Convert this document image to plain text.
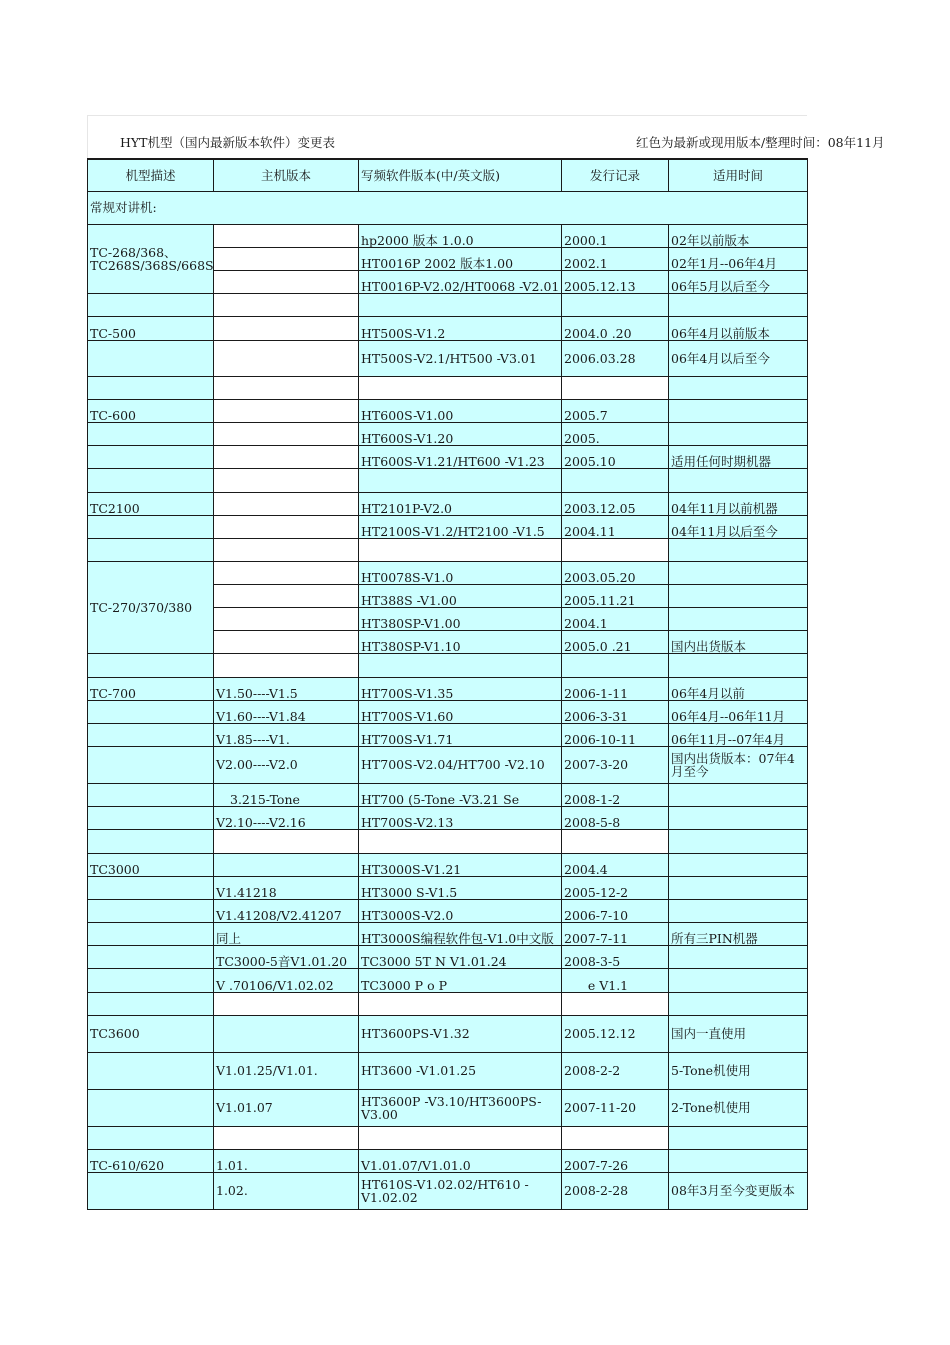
HYT机型（国内最新版本软件）变更表	红色为最新或现用版本/整理时间：08年11月
机型描述	主机版本	写频软件版本(中/英文版)	发行记录	适用时间
常规对讲机:				
TC-268/368、TC268S/368S/668S		hp2000 版本 1.0.0	2000.1	02年以前版本
		HT0016P 2002 版本1.00	2002.1	02年1月--06年4月
		HT0016P-V2.02/HT0068 -V2.01	2005.12.13	06年5月以后至今

TC-500		HT500S-V1.2	2004.0 .20	06年4月以前版本
		HT500S-V2.1/HT500 -V3.01	2006.03.28	06年4月以后至今

TC-600		HT600S-V1.00	2005.7	
		HT600S-V1.20	2005.	
		HT600S-V1.21/HT600 -V1.23	2005.10	适用任何时期机器

TC2100		HT2101P-V2.0	2003.12.05	04年11月以前机器
		HT2100S-V1.2/HT2100 -V1.5	2004.11	04年11月以后至今

TC-270/370/380		HT0078S-V1.0	2003.05.20	
		HT388S -V1.00	2005.11.21	
		HT380SP-V1.00	2004.1	
		HT380SP-V1.10	2005.0 .21	国内出货版本

TC-700	V1.50----V1.5	HT700S-V1.35	2006-1-11	06年4月以前
	V1.60----V1.84	HT700S-V1.60	2006-3-31	06年4月--06年11月
	V1.85----V1.	HT700S-V1.71	2006-10-11	06年11月--07年4月
	V2.00----V2.0	HT700S-V2.04/HT700 -V2.10	2007-3-20	国内出货版本：07年4月至今
	3.215-Tone	HT700 (5-Tone -V3.21 Se	2008-1-2	
	V2.10----V2.16	HT700S-V2.13	2008-5-8	

TC3000		HT3000S-V1.21	2004.4	
	V1.41218	HT3000 S-V1.5	2005-12-2	
	V1.41208/V2.41207	HT3000S-V2.0	2006-7-10	
	同上	HT3000S编程软件包-V1.0中文版	2007-7-11	所有三PIN机器
	TC3000-5音V1.01.20	TC3000 5T N V1.01.24	2008-3-5	
	V .70106/V1.02.02	TC3000 P o P	e V1.1	

TC3600		HT3600PS-V1.32	2005.12.12	国内一直使用
	V1.01.25/V1.01.	HT3600 -V1.01.25	2008-2-2	5-Tone机使用
	V1.01.07	HT3600P -V3.10/HT3600PS-V3.00	2007-11-20	2-Tone机使用

TC-610/620	1.01.	V1.01.07/V1.01.0	2007-7-26	
	1.02.	HT610S-V1.02.02/HT610 -V1.02.02	2008-2-28	08年3月至今变更版本
